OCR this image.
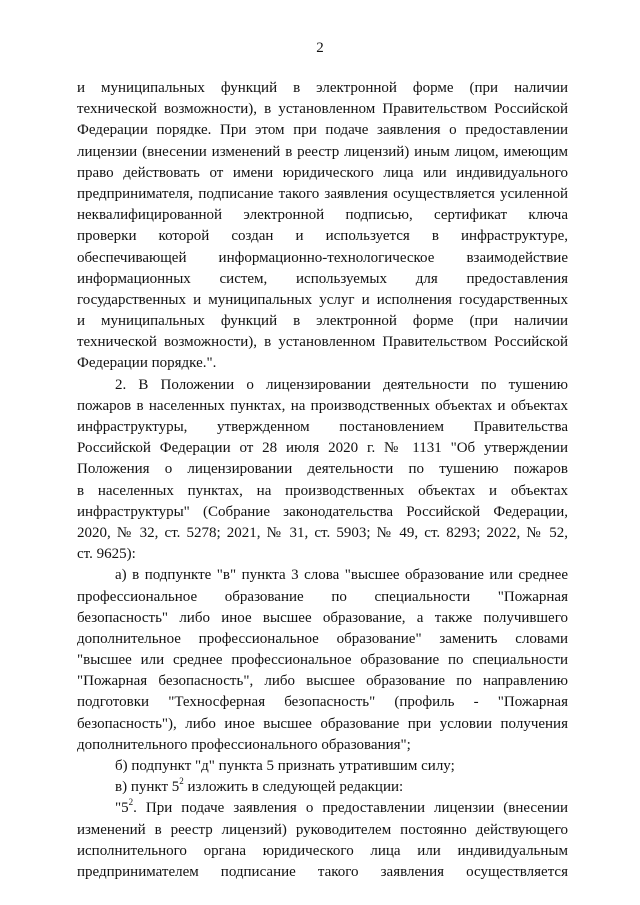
2
и муниципальных функций в электронной форме (при наличии
технической возможности), в установленном Правительством Российской
Федерации порядке. При этом при подаче заявления о предоставлении
лицензии (внесении изменений в реестр лицензий) иным лицом, имеющим
право действовать от имени юридического лица или индивидуального
предпринимателя, подписание такого заявления осуществляется усиленной
неквалифицированной электронной подписью, сертификат ключа
проверки которой создан и используется в инфраструктуре,
обеспечивающей информационно-технологическое взаимодействие
информационных систем, используемых для предоставления
государственных и муниципальных услуг и исполнения государственных
и муниципальных функций в электронной форме (при наличии
технической возможности), в установленном Правительством Российской
Федерации порядке.".
2. В Положении о лицензировании деятельности по тушению
пожаров в населенных пунктах, на производственных объектах и объектах
инфраструктуры, утвержденном постановлением Правительства
Российской Федерации от 28 июля 2020 г. № 1131 "Об утверждении
Положения о лицензировании деятельности по тушению пожаров
в населенных пунктах, на производственных объектах и объектах
инфраструктуры" (Собрание законодательства Российской Федерации,
2020, № 32, ст. 5278; 2021, № 31, ст. 5903; № 49, ст. 8293; 2022, № 52,
ст. 9625):
а) в подпункте "в" пункта 3 слова "высшее образование или среднее
профессиональное образование по специальности "Пожарная
безопасность" либо иное высшее образование, а также получившего
дополнительное профессиональное образование" заменить словами
"высшее или среднее профессиональное образование по специальности
"Пожарная безопасность", либо высшее образование по направлению
подготовки "Техносферная безопасность" (профиль - "Пожарная
безопасность"), либо иное высшее образование при условии получения
дополнительного профессионального образования";
б) подпункт "д" пункта 5 признать утратившим силу;
в) пункт $5^2$ изложить в следующей редакции:
"$5^2$. При подаче заявления о предоставлении лицензии (внесении
изменений в реестр лицензий) руководителем постоянно действующего
исполнительного органа юридического лица или индивидуальным
предпринимателем подписание такого заявления осуществляется
